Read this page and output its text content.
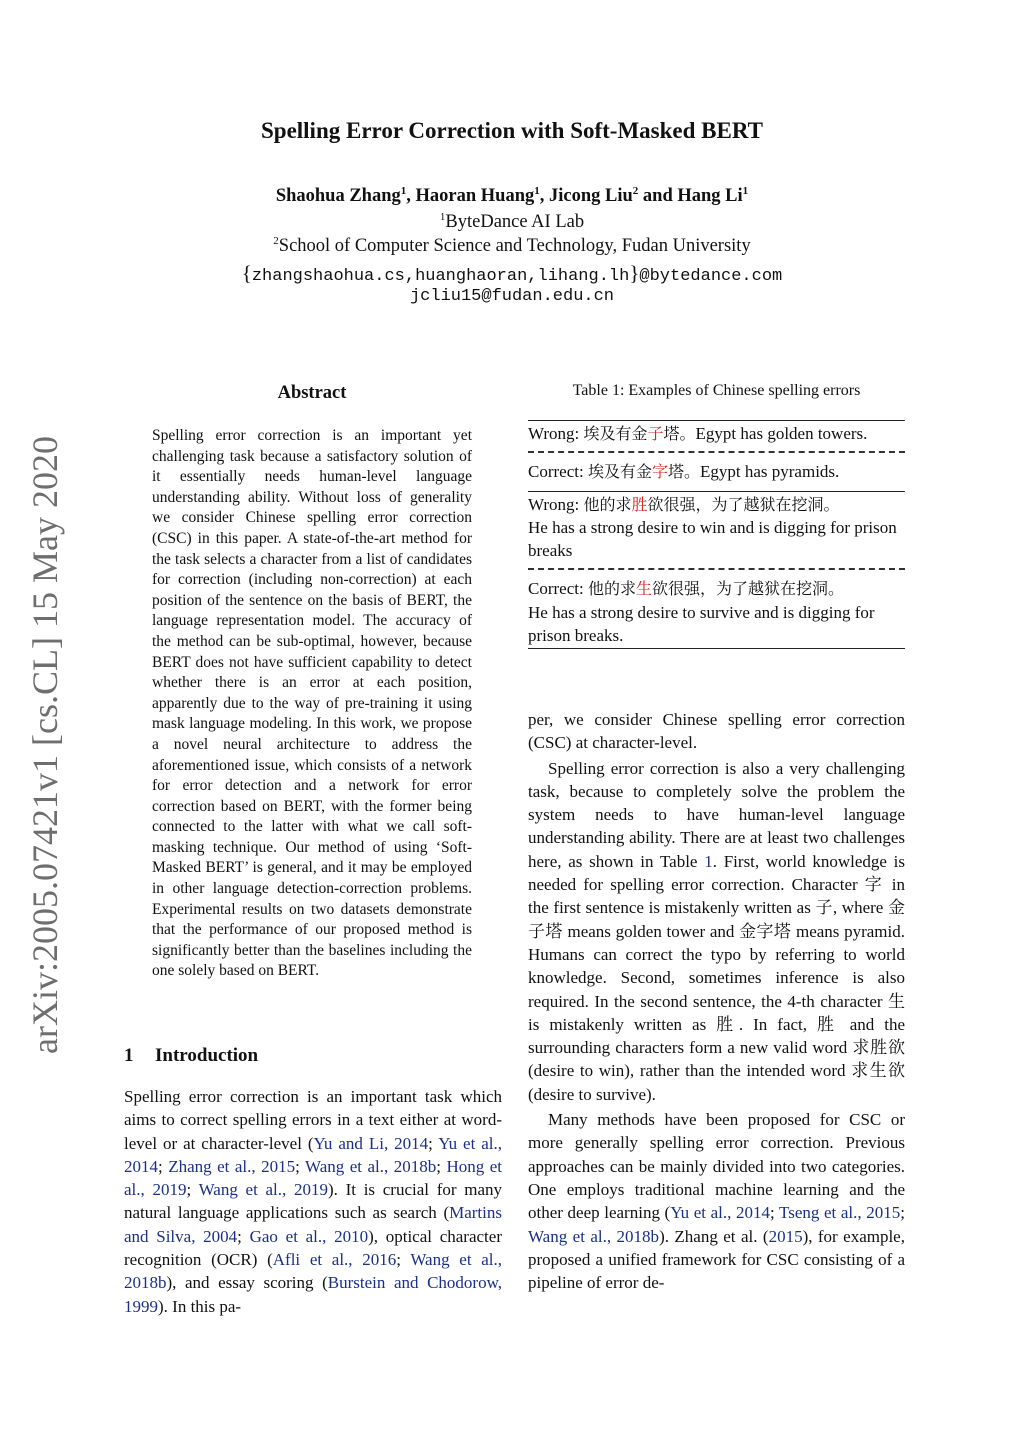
Spelling Error Correction with Soft-Masked BERT
Shaohua Zhang$^1$, Haoran Huang$^1$, Jicong Liu$^2$ and Hang Li$^1$
$^1$ByteDance AI Lab
$^2$School of Computer Science and Technology, Fudan University
{zhangshaohua.cs,huanghaoran,lihang.lh}@bytedance.com
jcliu15@fudan.edu.cn
arXiv:2005.07421v1 [cs.CL] 15 May 2020
Abstract
Spelling error correction is an important yet challenging task because a satisfactory solution of it essentially needs human-level language understanding ability. Without loss of generality we consider Chinese spelling error correction (CSC) in this paper. A state-of-the-art method for the task selects a character from a list of candidates for correction (including non-correction) at each position of the sentence on the basis of BERT, the language representation model. The accuracy of the method can be sub-optimal, however, because BERT does not have sufficient capability to detect whether there is an error at each position, apparently due to the way of pre-training it using mask language modeling. In this work, we propose a novel neural architecture to address the aforementioned issue, which consists of a network for error detection and a network for error correction based on BERT, with the former being connected to the latter with what we call soft-masking technique. Our method of using ‘Soft-Masked BERT’ is general, and it may be employed in other language detection-correction problems. Experimental results on two datasets demonstrate that the performance of our proposed method is significantly better than the baselines including the one solely based on BERT.
1 Introduction
Spelling error correction is an important task which aims to correct spelling errors in a text either at word-level or at character-level (Yu and Li, 2014; Yu et al., 2014; Zhang et al., 2015; Wang et al., 2018b; Hong et al., 2019; Wang et al., 2019). It is crucial for many natural language applications such as search (Martins and Silva, 2004; Gao et al., 2010), optical character recognition (OCR) (Afli et al., 2016; Wang et al., 2018b), and essay scoring (Burstein and Chodorow, 1999). In this pa-
Table 1: Examples of Chinese spelling errors
Wrong: 埃及有金子塔。Egypt has golden towers.
Correct: 埃及有金字塔。Egypt has pyramids.
Wrong: 他的求胜欲很强，为了越狱在挖洞。
He has a strong desire to win and is digging for prison breaks
Correct: 他的求生欲很强，为了越狱在挖洞。
He has a strong desire to survive and is digging for prison breaks.

per, we consider Chinese spelling error correction (CSC) at character-level.

Spelling error correction is also a very challenging task, because to completely solve the problem the system needs to have human-level language understanding ability. There are at least two challenges here, as shown in Table 1. First, world knowledge is needed for spelling error correction. Character 字 in the first sentence is mistakenly written as 子, where 金子塔 means golden tower and 金字塔 means pyramid. Humans can correct the typo by referring to world knowledge. Second, sometimes inference is also required. In the second sentence, the 4-th character 生 is mistakenly written as 胜. In fact, 胜 and the surrounding characters form a new valid word 求胜欲 (desire to win), rather than the intended word 求生欲 (desire to survive).

Many methods have been proposed for CSC or more generally spelling error correction. Previous approaches can be mainly divided into two categories. One employs traditional machine learning and the other deep learning (Yu et al., 2014; Tseng et al., 2015; Wang et al., 2018b). Zhang et al. (2015), for example, proposed a unified framework for CSC consisting of a pipeline of error de-
